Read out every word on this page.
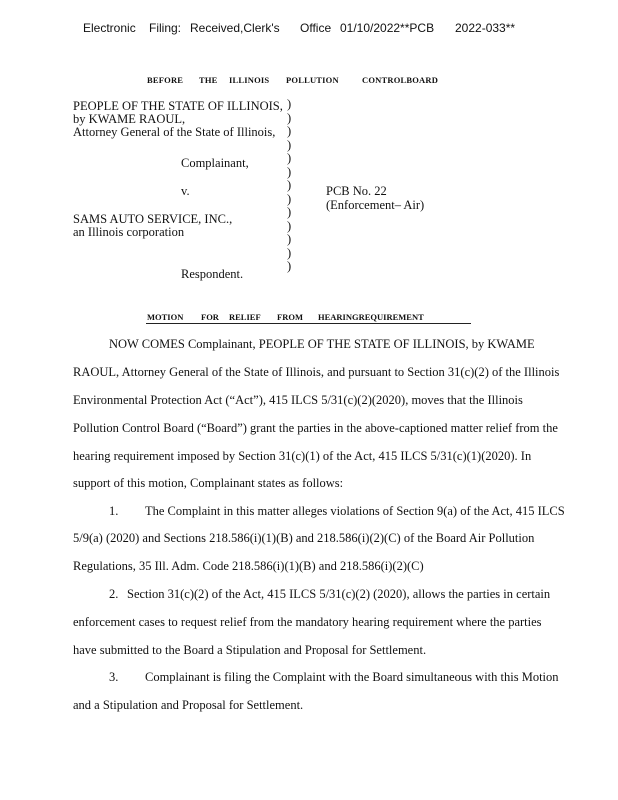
Electronic Filing: Received,Clerk's Office 01/10/2022**PCB 2022-033**
BEFORE THE ILLINOIS POLLUTION	CONTROLBOARD
PEOPLE OF THE STATE OF ILLINOIS,
by KWAME RAOUL,
Attorney General of the State of Illinois,
Complainant,
v.
SAMS AUTO SERVICE, INC.,
an Illinois corporation
Respondent.
PCB No. 22
(Enforcement– Air)
)
)
)
)
)
)
)
)
)
)
)
)
)
MOTION FOR RELIEF FROM HEARINGREQUIREMENT
NOW COMES Complainant, PEOPLE OF THE STATE OF ILLINOIS, by KWAME
RAOUL, Attorney General of the State of Illinois, and pursuant to Section 31(c)(2) of the Illinois
Environmental Protection Act (“Act”), 415 ILCS 5/31(c)(2)(2020), moves that the Illinois
Pollution Control Board (“Board”) grant the parties in the above-captioned matter relief from the
hearing requirement imposed by Section 31(c)(1) of the Act, 415 ILCS 5/31(c)(1)(2020). In
support of this motion, Complainant states as follows:
1. The Complaint in this matter alleges violations of Section 9(a) of the Act, 415 ILCS
5/9(a) (2020) and Sections 218.586(i)(1)(B) and 218.586(i)(2)(C) of the Board Air Pollution
Regulations, 35 Ill. Adm. Code 218.586(i)(1)(B) and 218.586(i)(2)(C)
2. Section 31(c)(2) of the Act, 415 ILCS 5/31(c)(2) (2020), allows the parties in certain
enforcement cases to request relief from the mandatory hearing requirement where the parties
have submitted to the Board a Stipulation and Proposal for Settlement.
3. Complainant is filing the Complaint with the Board simultaneous with this Motion
and a Stipulation and Proposal for Settlement.
